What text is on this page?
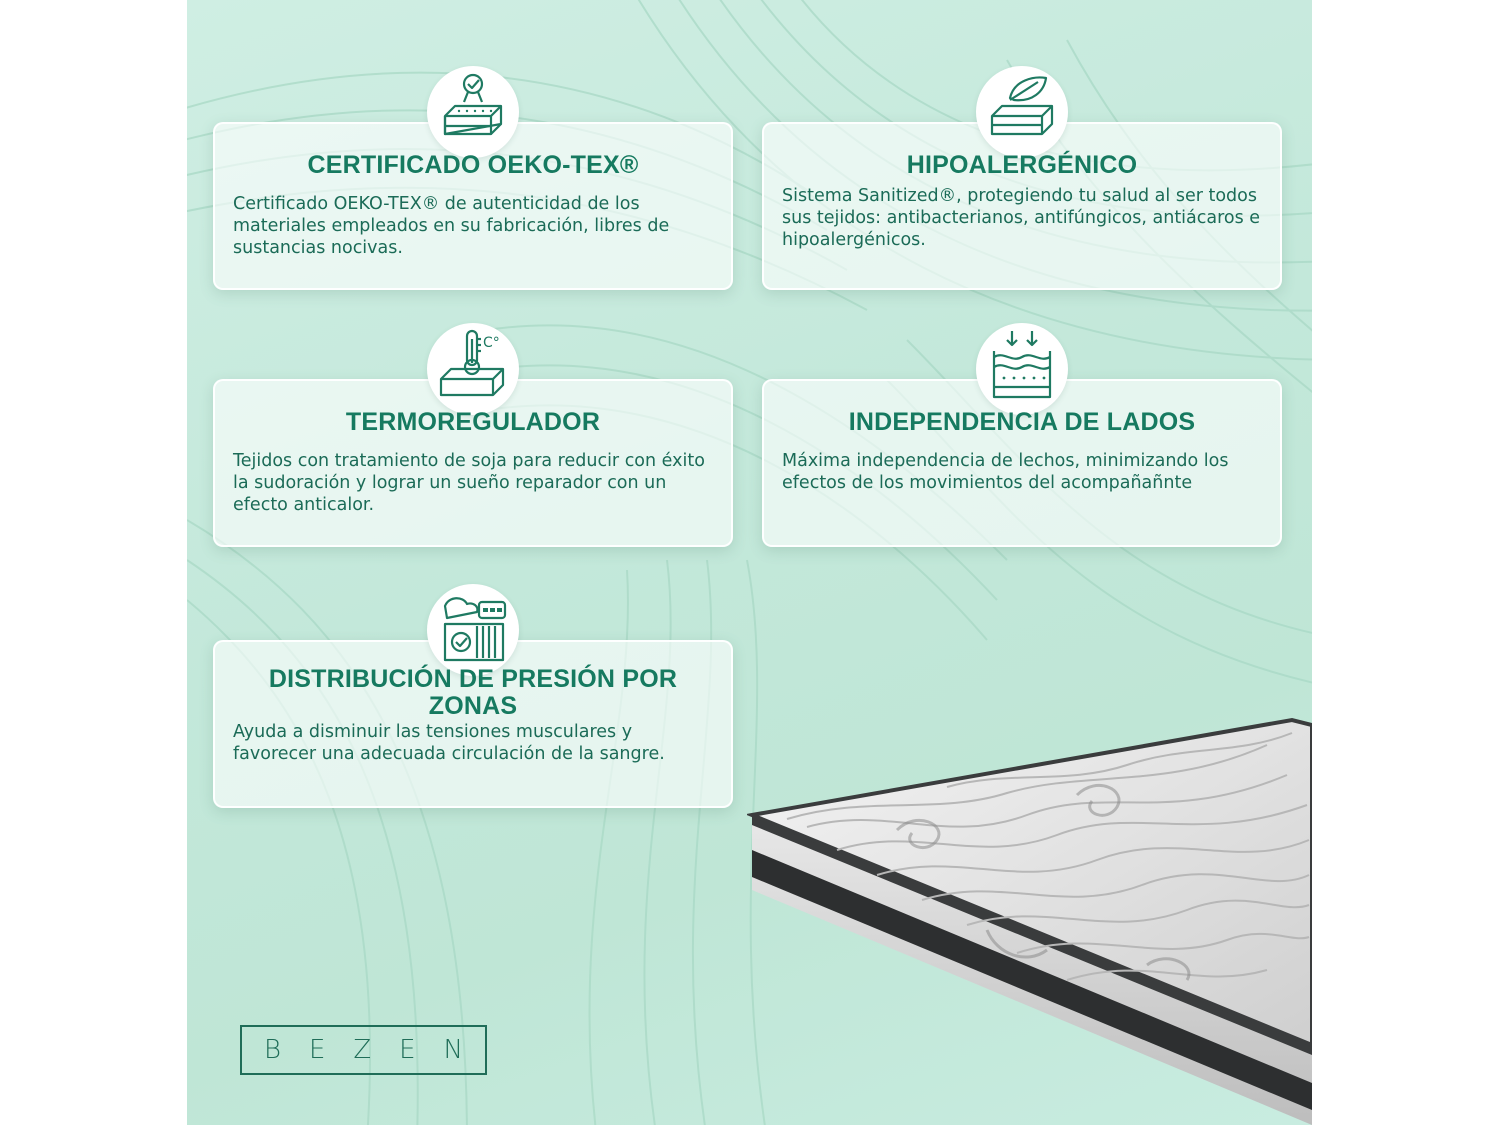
CERTIFICADO OEKO-TEX®
Certificado OEKO-TEX® de autenticidad de los materiales empleados en su fabricación, libres de sustancias nocivas.
HIPOALERGÉNICO
Sistema Sanitized®, protegiendo tu salud al ser todos sus tejidos: antibacterianos, antifúngicos, antiácaros e hipoalergénicos.
C°
TERMOREGULADOR
Tejidos con tratamiento de soja para reducir con éxito la sudoración y lograr un sueño reparador con un efecto anticalor.
INDEPENDENCIA DE LADOS
Máxima independencia de lechos, minimizando los efectos de los movimientos del acompañañnte
DISTRIBUCIÓN DE PRESIÓN POR ZONAS
Ayuda a disminuir las tensiones musculares y favorecer una adecuada circulación de la sangre.
B E Z E N
